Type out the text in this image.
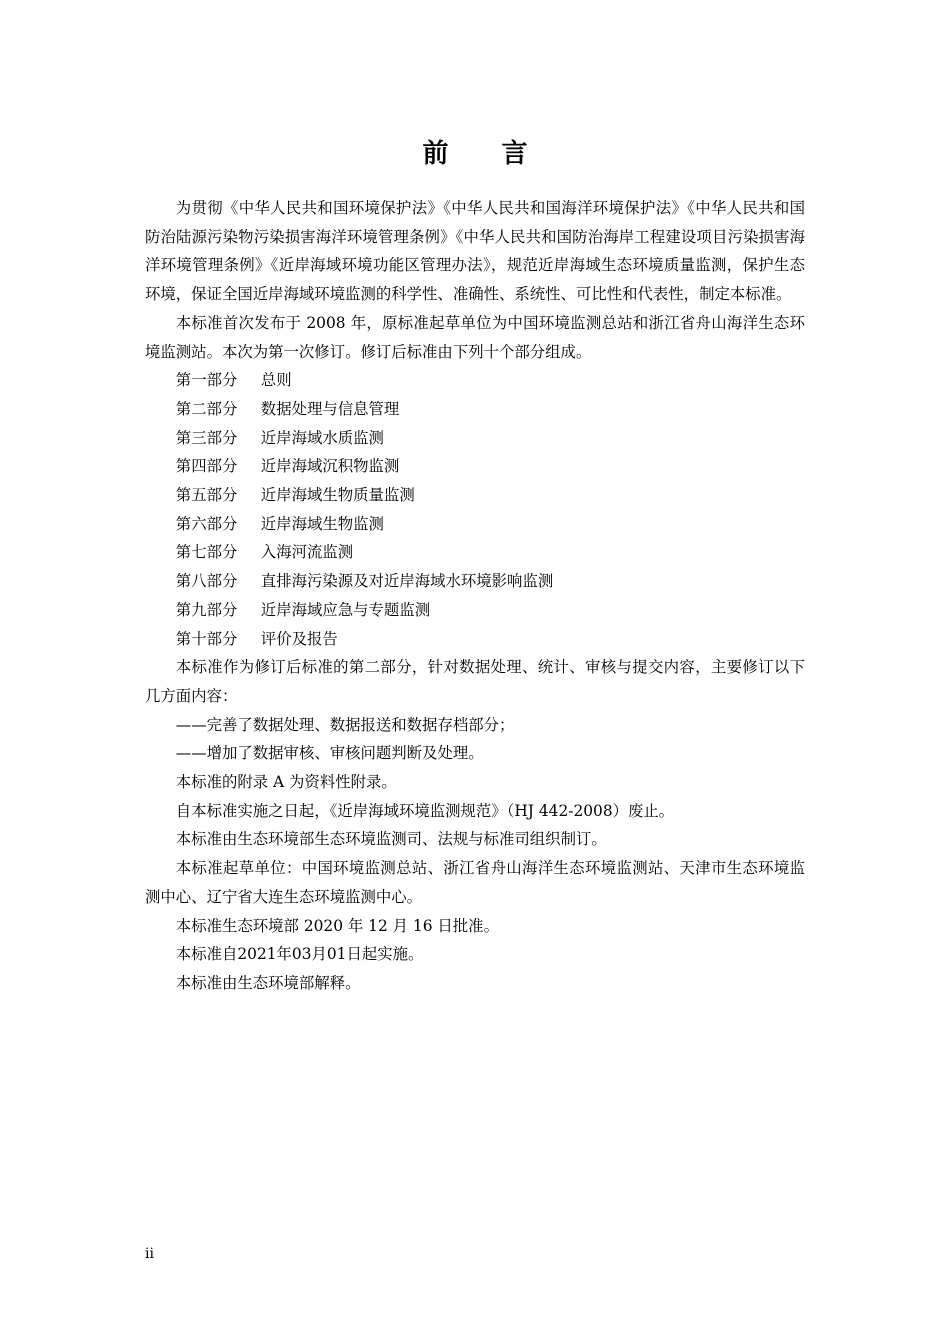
前 言

为贯彻《中华人民共和国环境保护法》《中华人民共和国海洋环境保护法》《中华人民共和国防治陆源污染物污染损害海洋环境管理条例》《中华人民共和国防治海岸工程建设项目污染损害海洋环境管理条例》《近岸海域环境功能区管理办法》，规范近岸海域生态环境质量监测，保护生态环境，保证全国近岸海域环境监测的科学性、准确性、系统性、可比性和代表性，制定本标准。

本标准首次发布于 2008 年，原标准起草单位为中国环境监测总站和浙江省舟山海洋生态环境监测站。本次为第一次修订。修订后标准由下列十个部分组成。

第一部分 总则
第二部分 数据处理与信息管理
第三部分 近岸海域水质监测
第四部分 近岸海域沉积物监测
第五部分 近岸海域生物质量监测
第六部分 近岸海域生物监测
第七部分 入海河流监测
第八部分 直排海污染源及对近岸海域水环境影响监测
第九部分 近岸海域应急与专题监测
第十部分 评价及报告

本标准作为修订后标准的第二部分，针对数据处理、统计、审核与提交内容，主要修订以下几方面内容：

——完善了数据处理、数据报送和数据存档部分；

——增加了数据审核、审核问题判断及处理。

本标准的附录 A 为资料性附录。

自本标准实施之日起，《近岸海域环境监测规范》（HJ 442-2008）废止。

本标准由生态环境部生态环境监测司、法规与标准司组织制订。

本标准起草单位：中国环境监测总站、浙江省舟山海洋生态环境监测站、天津市生态环境监测中心、辽宁省大连生态环境监测中心。

本标准生态环境部 2020 年 12 月 16 日批准。

本标准自2021年03月01日起实施。

本标准由生态环境部解释。

ii
